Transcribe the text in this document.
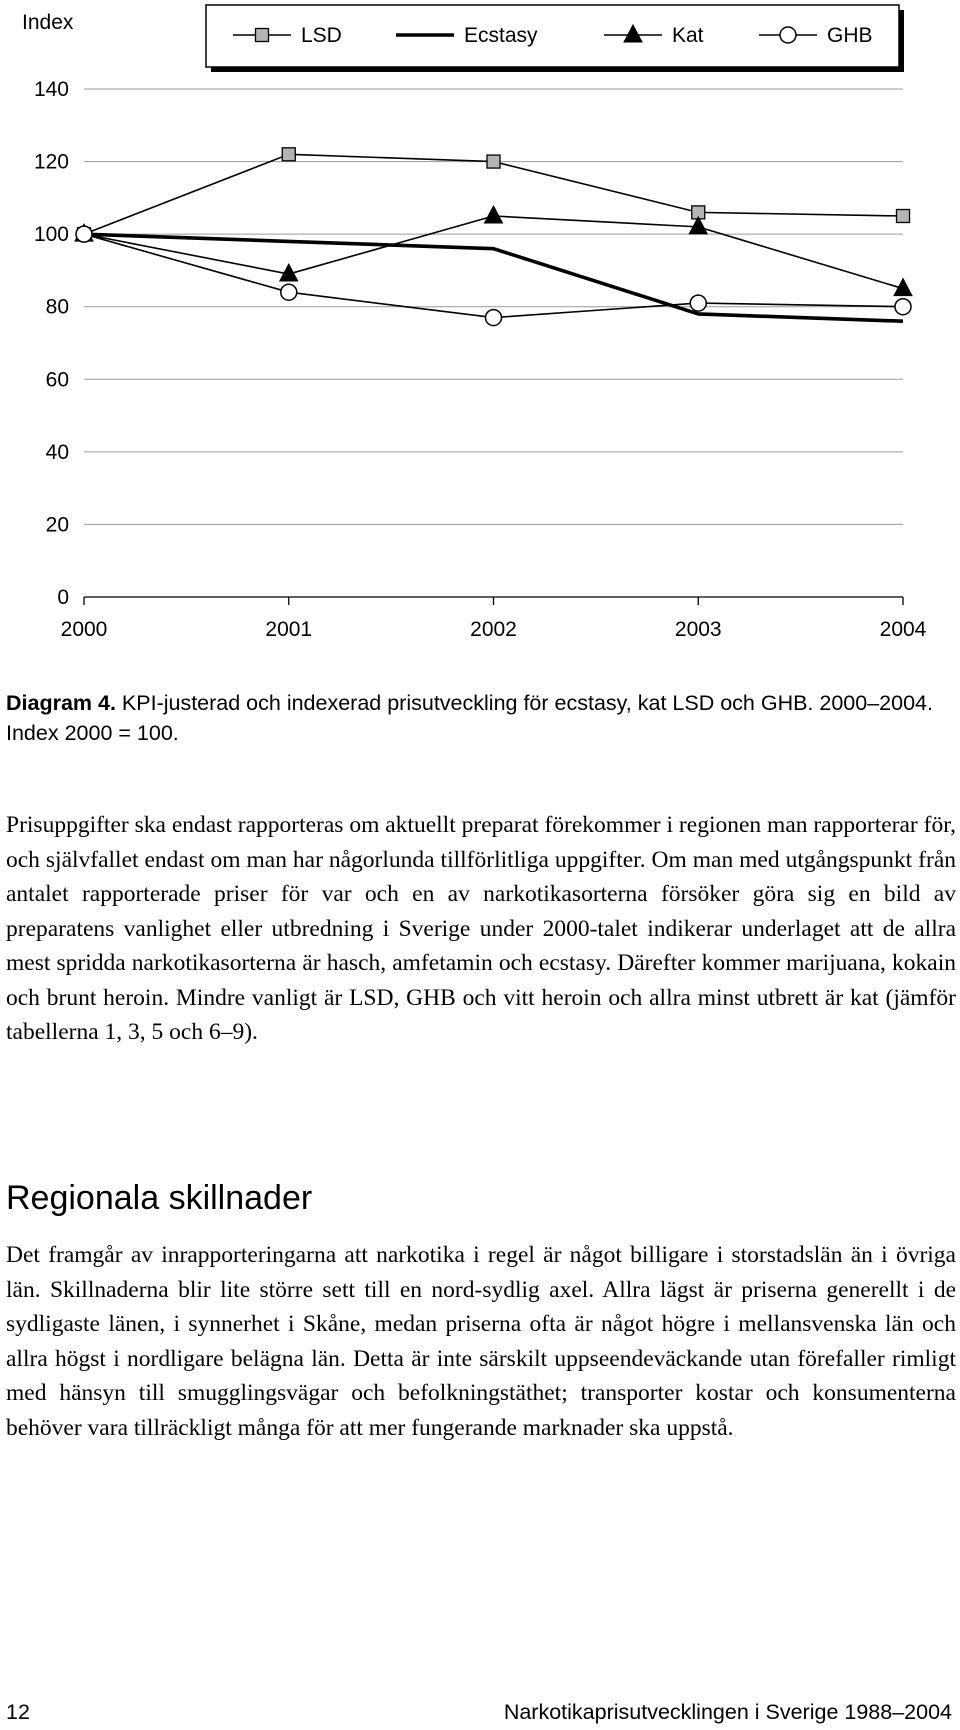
Index
0
20
40
60
80
100
120
140
2000	2001	2002	2003	2004
LSD	Ecstasy	Kat	GHB
Diagram 4. KPI-justerad och indexerad prisutveckling för ecstasy, kat LSD och GHB. 2000–2004. Index 2000 = 100.
Prisuppgifter ska endast rapporteras om aktuellt preparat förekommer i regionen man rapporterar för, och självfallet endast om man har någorlunda tillförlitliga uppgifter. Om man med utgångspunkt från antalet rapporterade priser för var och en av narkotikasorterna försöker göra sig en bild av preparatens vanlighet eller utbredning i Sverige under 2000-talet indikerar underlaget att de allra mest spridda narkotikasorterna är hasch, amfetamin och ecstasy. Därefter kommer marijuana, kokain och brunt heroin. Mindre vanligt är LSD, GHB och vitt heroin och allra minst utbrett är kat (jämför tabellerna 1, 3, 5 och 6–9).
Regionala skillnader
Det framgår av inrapporteringarna att narkotika i regel är något billigare i storstadslän än i övriga län. Skillnaderna blir lite större sett till en nord-sydlig axel. Allra lägst är priserna generellt i de sydligaste länen, i synnerhet i Skåne, medan priserna ofta är något högre i mellansvenska län och allra högst i nordligare belägna län. Detta är inte särskilt uppseendeväckande utan förefaller rimligt med hänsyn till smugglingsvägar och befolkningstäthet; transporter kostar och konsumenterna behöver vara tillräckligt många för att mer fungerande marknader ska uppstå.
12	Narkotikaprisutvecklingen i Sverige 1988–2004
